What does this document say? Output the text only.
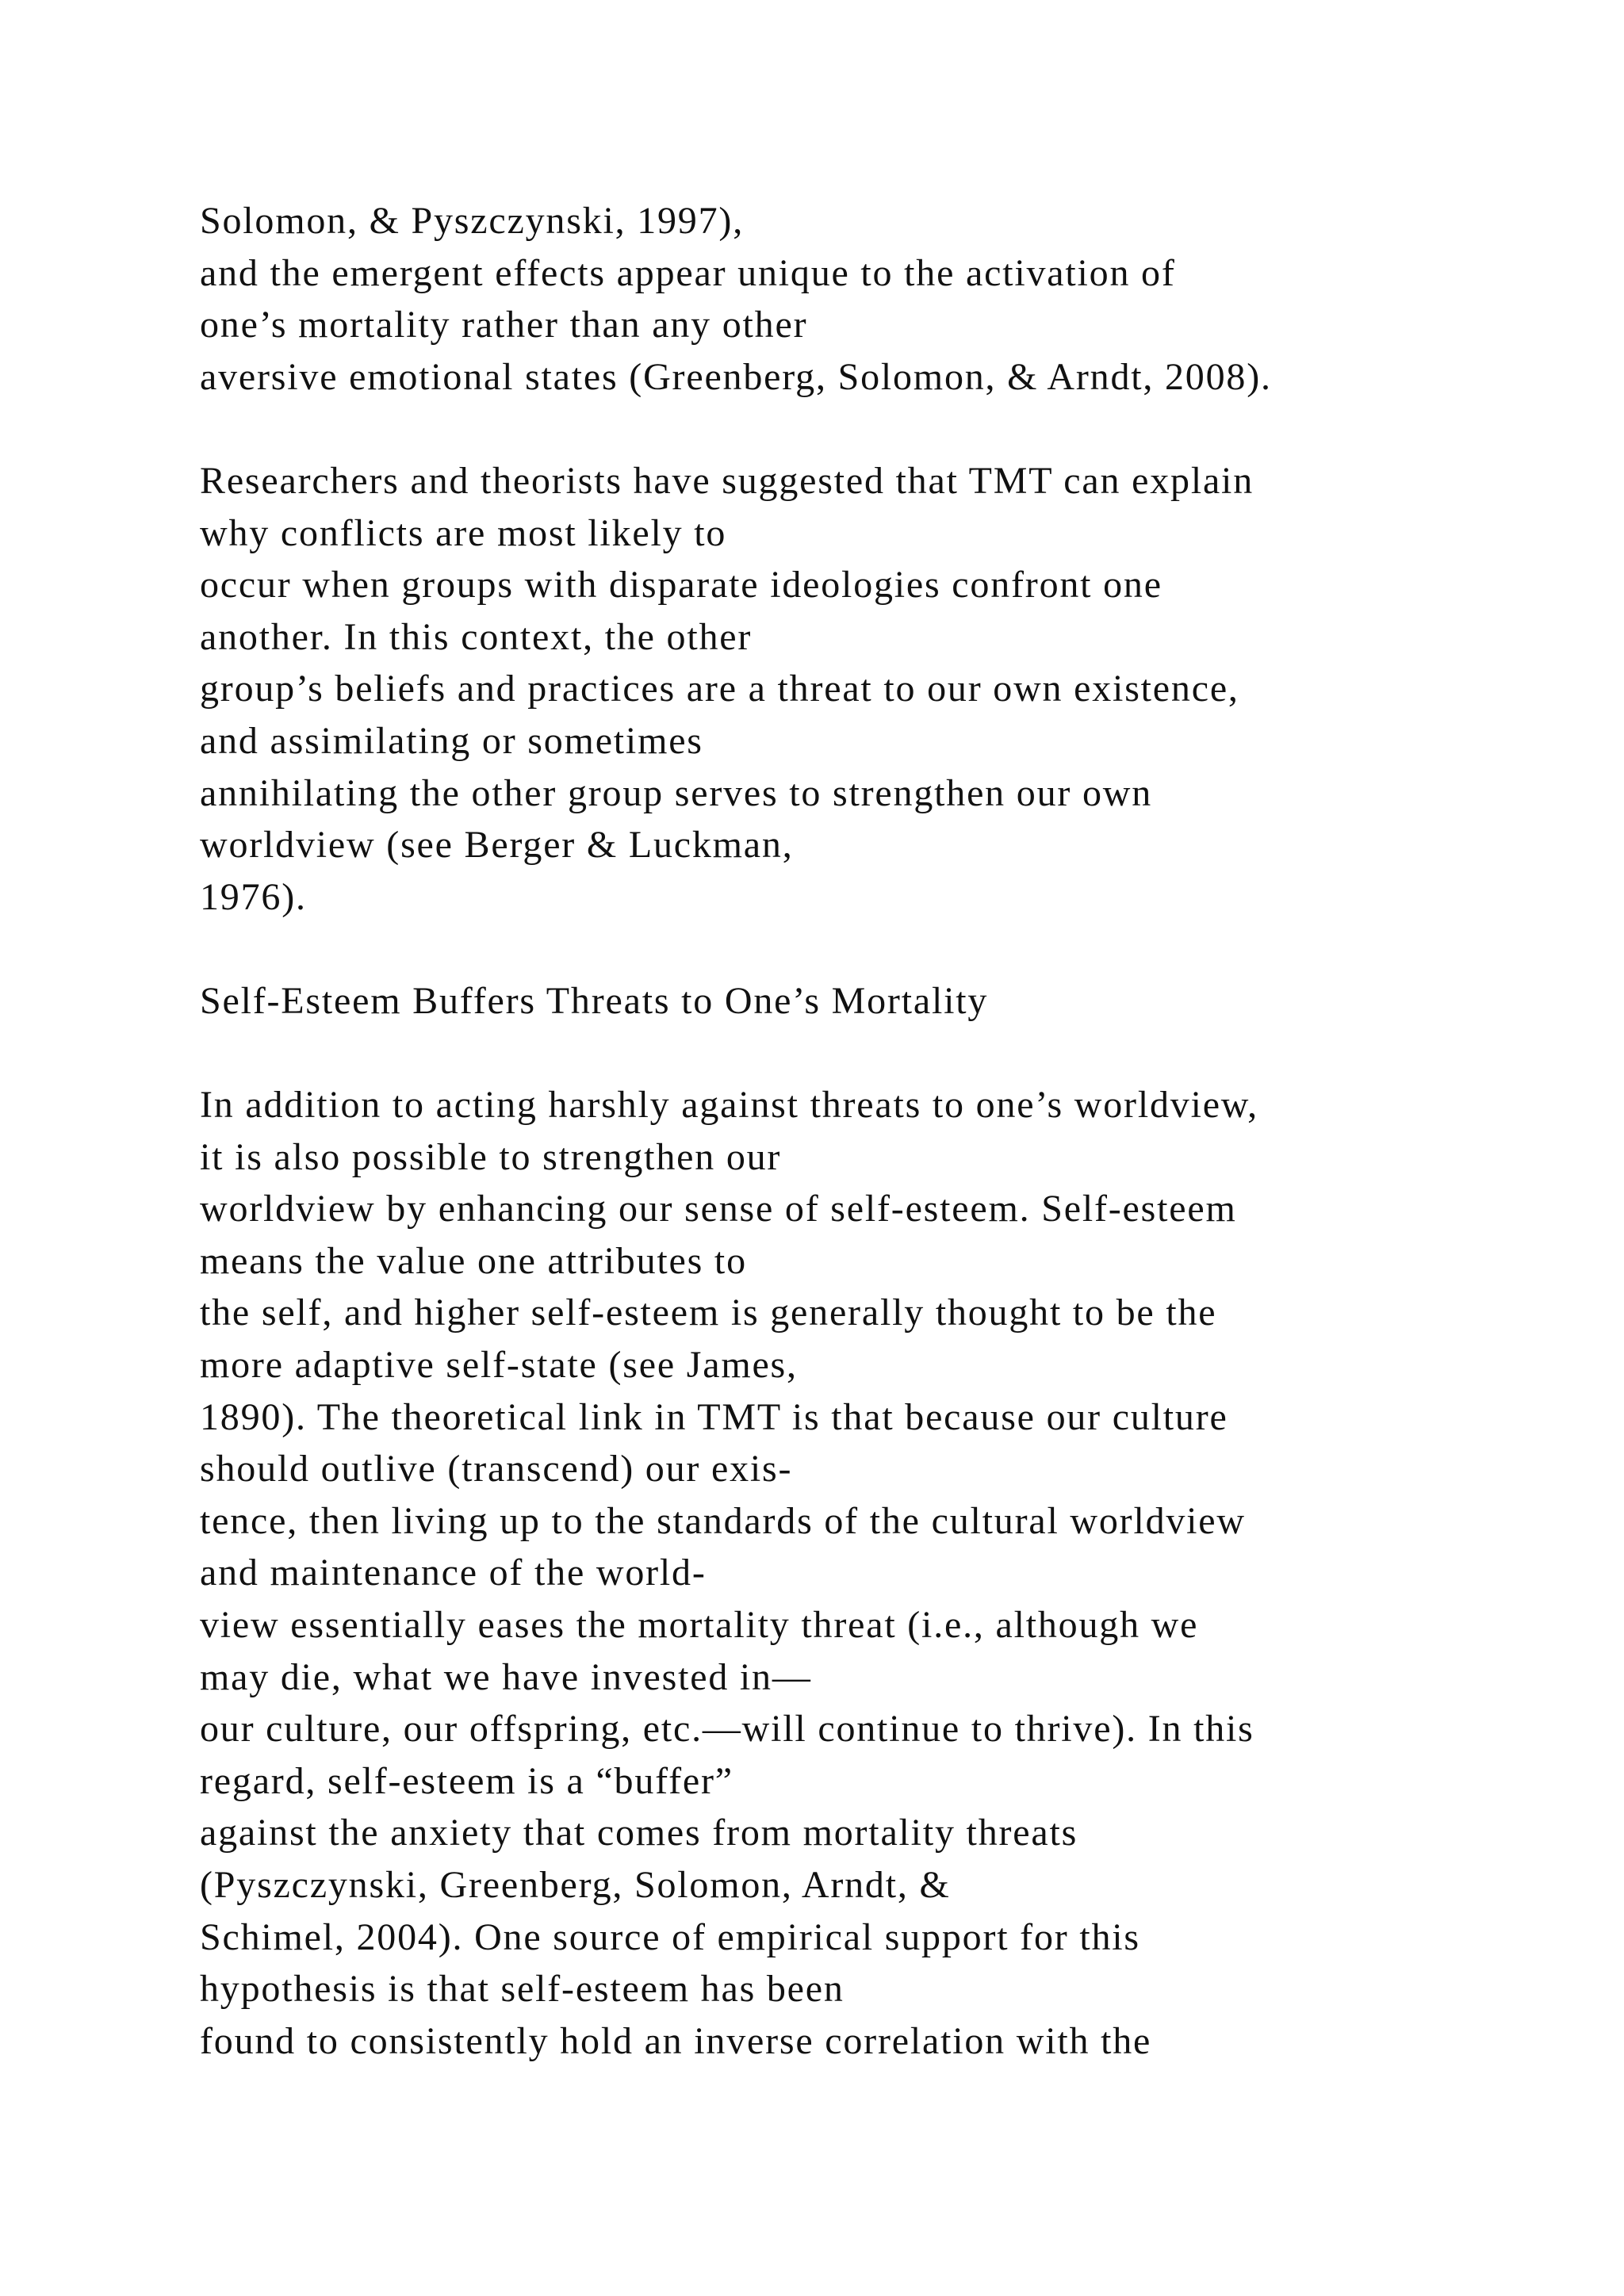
Solomon, & Pyszczynski, 1997),
and the emergent effects appear unique to the activation of
one’s mortality rather than any other
aversive emotional states (Greenberg, Solomon, & Arndt, 2008).
Researchers and theorists have suggested that TMT can explain
why conflicts are most likely to
occur when groups with disparate ideologies confront one
another. In this context, the other
group’s beliefs and practices are a threat to our own existence,
and assimilating or sometimes
annihilating the other group serves to strengthen our own
worldview (see Berger & Luckman,
1976).
Self-Esteem Buffers Threats to One’s Mortality
In addition to acting harshly against threats to one’s worldview,
it is also possible to strengthen our
worldview by enhancing our sense of self-esteem. Self-esteem
means the value one attributes to
the self, and higher self-esteem is generally thought to be the
more adaptive self-state (see James,
1890). The theoretical link in TMT is that because our culture
should outlive (transcend) our exis-
tence, then living up to the standards of the cultural worldview
and maintenance of the world-
view essentially eases the mortality threat (i.e., although we
may die, what we have invested in—
our culture, our offspring, etc.—will continue to thrive). In this
regard, self-esteem is a “buffer”
against the anxiety that comes from mortality threats
(Pyszczynski, Greenberg, Solomon, Arndt, &
Schimel, 2004). One source of empirical support for this
hypothesis is that self-esteem has been
found to consistently hold an inverse correlation with the
